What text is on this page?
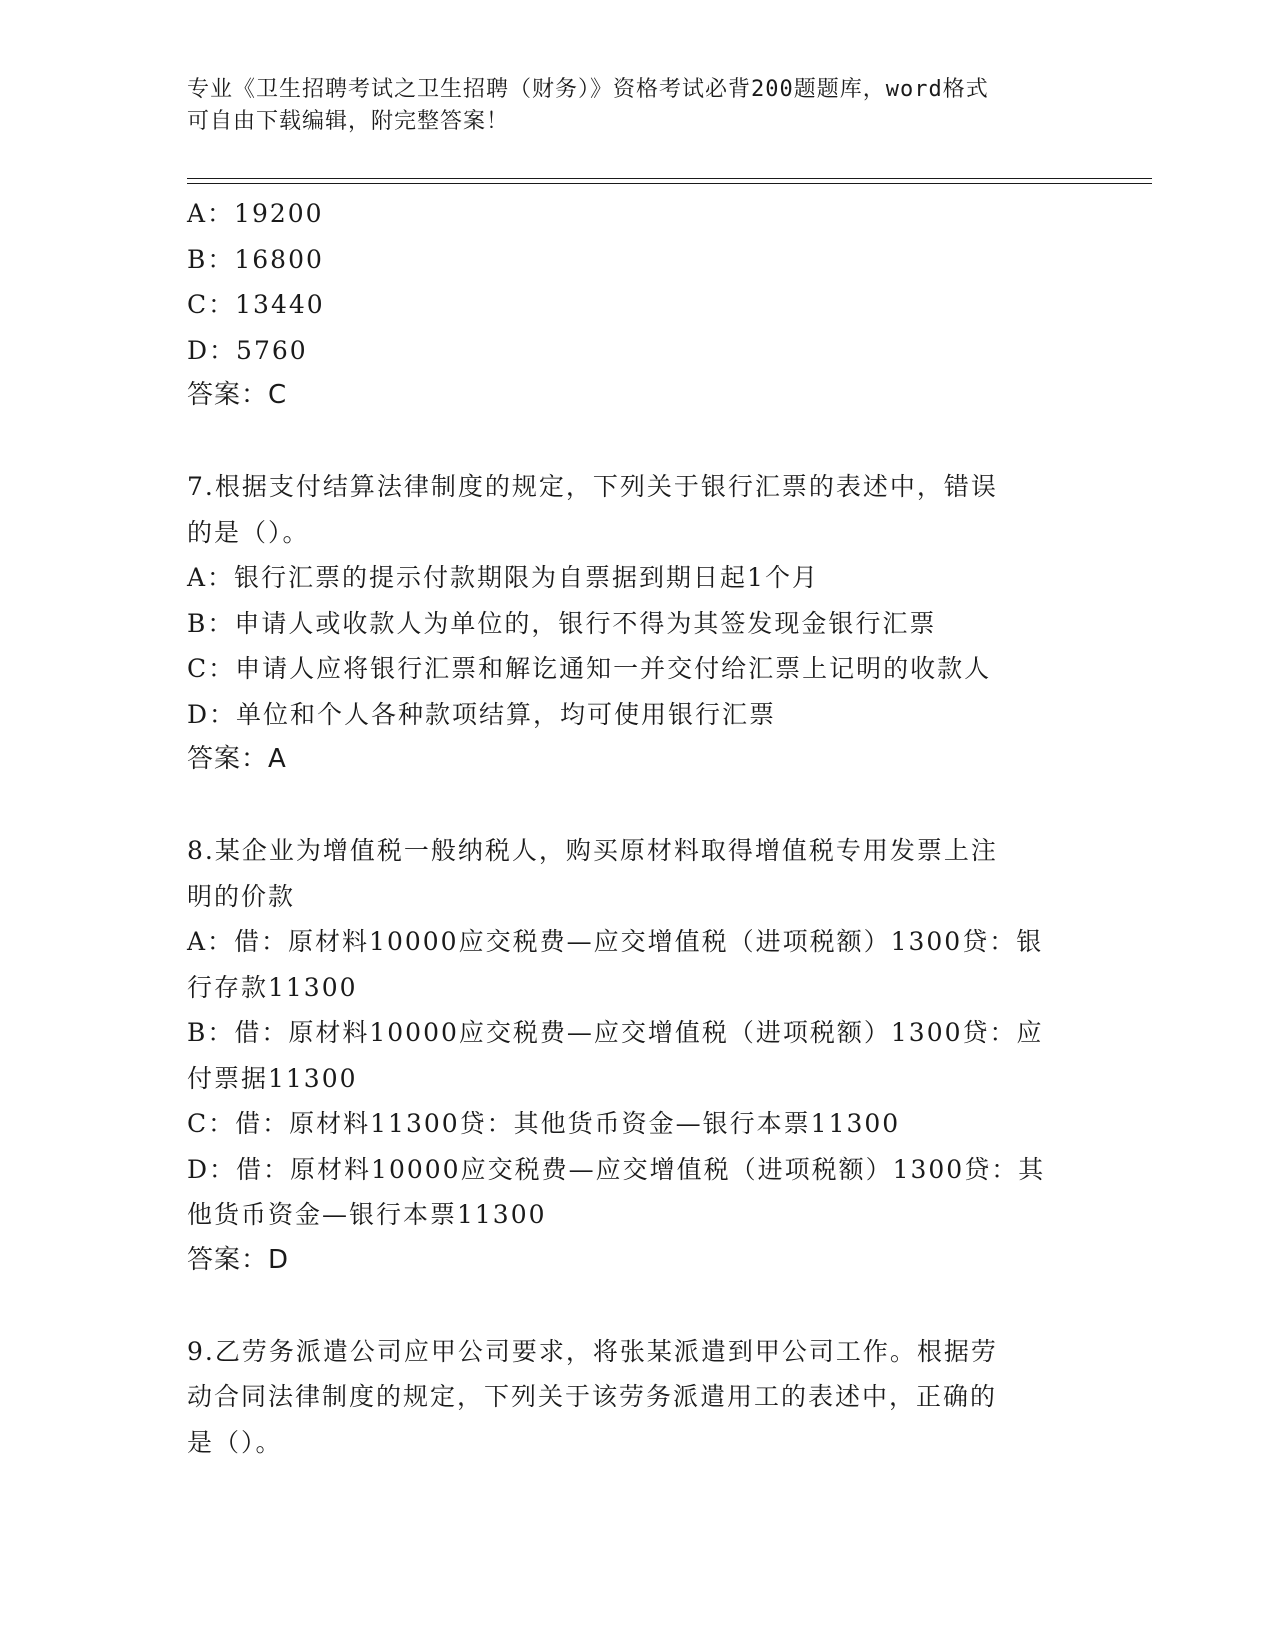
专业《卫生招聘考试之卫生招聘（财务）》资格考试必背200题题库，word格式
可自由下载编辑，附完整答案！
A：19200
B：16800
C：13440
D：5760
答案：C
7.根据支付结算法律制度的规定，下列关于银行汇票的表述中，错误
的是（）。
A：银行汇票的提示付款期限为自票据到期日起1个月
B：申请人或收款人为单位的，银行不得为其签发现金银行汇票
C：申请人应将银行汇票和解讫通知一并交付给汇票上记明的收款人
D：单位和个人各种款项结算，均可使用银行汇票
答案：A
8.某企业为增值税一般纳税人，购买原材料取得增值税专用发票上注
明的价款
A：借：原材料10000应交税费—应交增值税（进项税额）1300贷：银
行存款11300
B：借：原材料10000应交税费—应交增值税（进项税额）1300贷：应
付票据11300
C：借：原材料11300贷：其他货币资金—银行本票11300
D：借：原材料10000应交税费—应交增值税（进项税额）1300贷：其
他货币资金—银行本票11300
答案：D
9.乙劳务派遣公司应甲公司要求，将张某派遣到甲公司工作。根据劳
动合同法律制度的规定，下列关于该劳务派遣用工的表述中，正确的
是（）。
